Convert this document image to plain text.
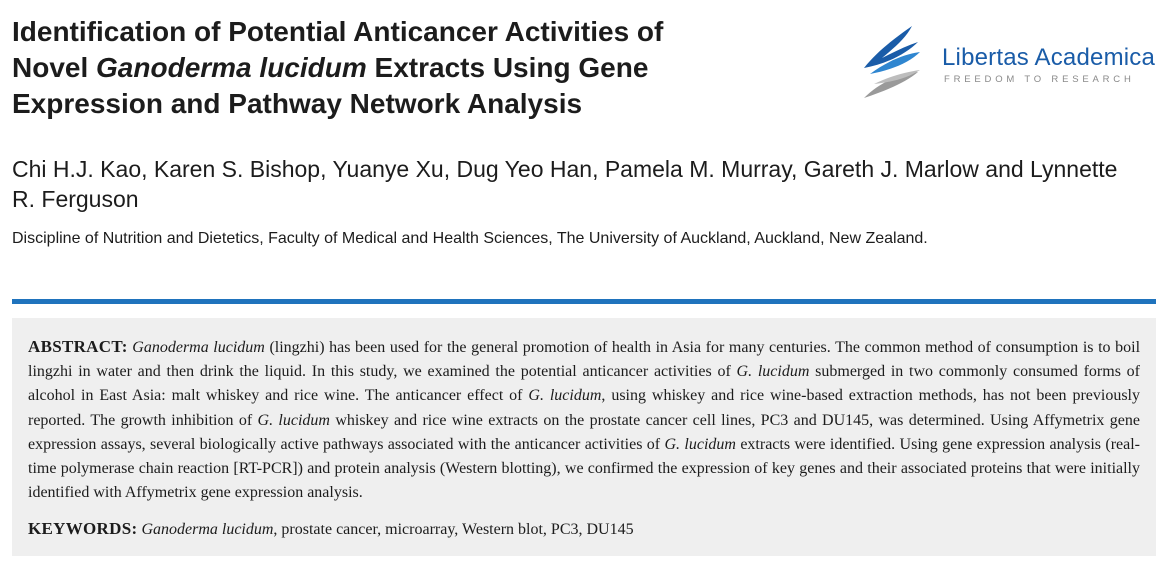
Identification of Potential Anticancer Activities of
Novel Ganoderma lucidum Extracts Using Gene
Expression and Pathway Network Analysis
Libertas Academica
FREEDOM TO RESEARCH

Chi H.J. Kao, Karen S. Bishop, Yuanye Xu, Dug Yeo Han, Pamela M. Murray, Gareth J. Marlow and Lynnette R. Ferguson

Discipline of Nutrition and Dietetics, Faculty of Medical and Health Sciences, The University of Auckland, Auckland, New Zealand.

ABSTRACT: Ganoderma lucidum (lingzhi) has been used for the general promotion of health in Asia for many centuries. The common method of consumption is to boil lingzhi in water and then drink the liquid. In this study, we examined the potential anticancer activities of G. lucidum submerged in two commonly consumed forms of alcohol in East Asia: malt whiskey and rice wine. The anticancer effect of G. lucidum, using whiskey and rice wine-based extraction methods, has not been previously reported. The growth inhibition of G. lucidum whiskey and rice wine extracts on the prostate cancer cell lines, PC3 and DU145, was determined. Using Affymetrix gene expression assays, several biologically active pathways associated with the anticancer activities of G. lucidum extracts were identified. Using gene expression analysis (real-time polymerase chain reaction [RT-PCR]) and protein analysis (Western blotting), we confirmed the expression of key genes and their associated proteins that were initially identified with Affymetrix gene expression analysis.

KEYWORDS: Ganoderma lucidum, prostate cancer, microarray, Western blot, PC3, DU145
